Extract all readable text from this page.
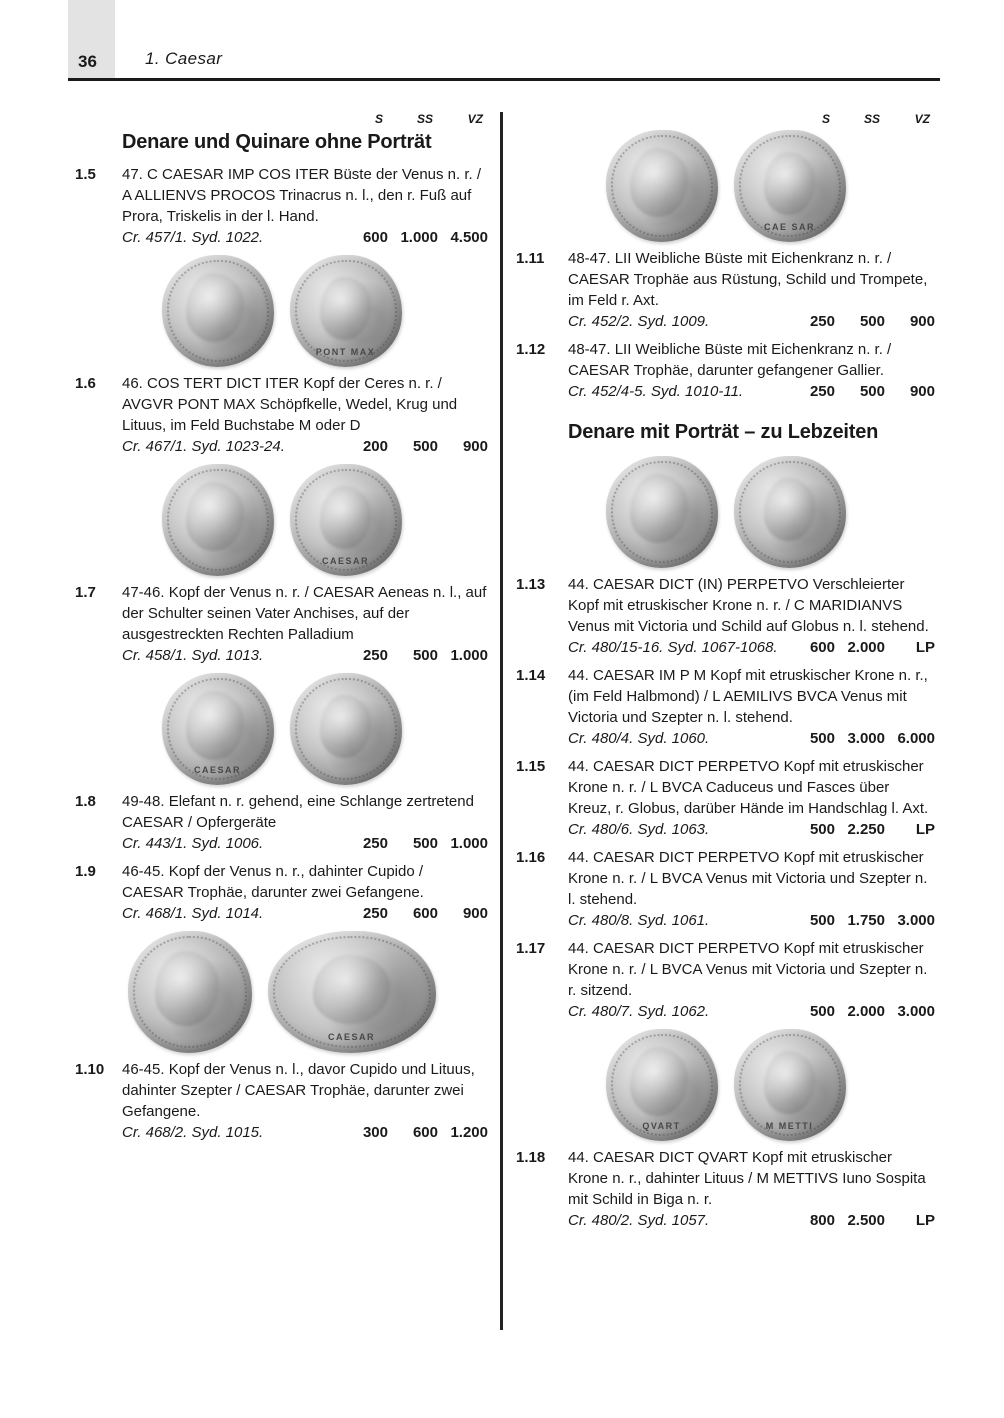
36	1. Caesar
S	SS	VZ
Denare und Quinare ohne Porträt
1.5	47. C CAESAR IMP COS ITER Büste der Venus n. r. / A ALLIENVS PROCOS Trinacrus n. l., den r. Fuß auf Prora, Triskelis in der l. Hand.
Cr. 457/1. Syd. 1022.	600 1.000 4.500
PONT MAX
1.6	46. COS TERT DICT ITER Kopf der Ceres n. r. / AVGVR PONT MAX Schöpfkelle, Wedel, Krug und Lituus, im Feld Buchstabe M oder D
Cr. 467/1. Syd. 1023-24.	200	500	900
CAESAR
1.7	47-46. Kopf der Venus n. r. / CAESAR Aeneas n. l., auf der Schulter seinen Vater Anchises, auf der ausgestreckten Rechten Palladium
Cr. 458/1. Syd. 1013.	250	500 1.000
CAESAR
1.8	49-48. Elefant n. r. gehend, eine Schlange zertretend CAESAR / Opfergeräte
Cr. 443/1. Syd. 1006.	250	500 1.000
1.9	46-45. Kopf der Venus n. r., dahinter Cupido / CAESAR Trophäe, darunter zwei Gefangene.
Cr. 468/1. Syd. 1014.	250	600	900
CAESAR
1.10	46-45. Kopf der Venus n. l., davor Cupido und Lituus, dahinter Szepter / CAESAR Trophäe, darunter zwei Gefangene.
Cr. 468/2. Syd. 1015.	300	600 1.200
S	SS	VZ
CAE SAR
1.11	48-47. LII Weibliche Büste mit Eichenkranz n. r. / CAESAR Trophäe aus Rüstung, Schild und Trompete, im Feld r. Axt.
Cr. 452/2. Syd. 1009.	250	500	900
1.12	48-47. LII Weibliche Büste mit Eichenkranz n. r. / CAESAR Trophäe, darunter gefangener Gallier.
Cr. 452/4-5. Syd. 1010-11.	250	500	900
Denare mit Porträt – zu Lebzeiten
1.13	44. CAESAR DICT (IN) PERPETVO Verschleierter Kopf mit etruskischer Krone n. r. / C MARIDIANVS Venus mit Victoria und Schild auf Globus n. l. stehend.
Cr. 480/15-16. Syd. 1067-1068.	600 2.000	LP
1.14	44. CAESAR IM P M Kopf mit etruskischer Krone n. r., (im Feld Halbmond) / L AEMILIVS BVCA Venus mit Victoria und Szepter n. l. stehend.
Cr. 480/4. Syd. 1060.	500 3.000 6.000
1.15	44. CAESAR DICT PERPETVO Kopf mit etruskischer Krone n. r. / L BVCA Caduceus und Fasces über Kreuz, r. Globus, darüber Hände im Handschlag l. Axt.
Cr. 480/6. Syd. 1063.	500 2.250	LP
1.16	44. CAESAR DICT PERPETVO Kopf mit etruskischer Krone n. r. / L BVCA Venus mit Victoria und Szepter n. l. stehend.
Cr. 480/8. Syd. 1061.	500 1.750 3.000
1.17	44. CAESAR DICT PERPETVO Kopf mit etruskischer Krone n. r. / L BVCA Venus mit Victoria und Szepter n. r. sitzend.
Cr. 480/7. Syd. 1062.	500 2.000 3.000
QVART	M METTI
1.18	44. CAESAR DICT QVART Kopf mit etruskischer Krone n. r., dahinter Lituus / M METTIVS Iuno Sospita mit Schild in Biga n. r.
Cr. 480/2. Syd. 1057.	800 2.500	LP
